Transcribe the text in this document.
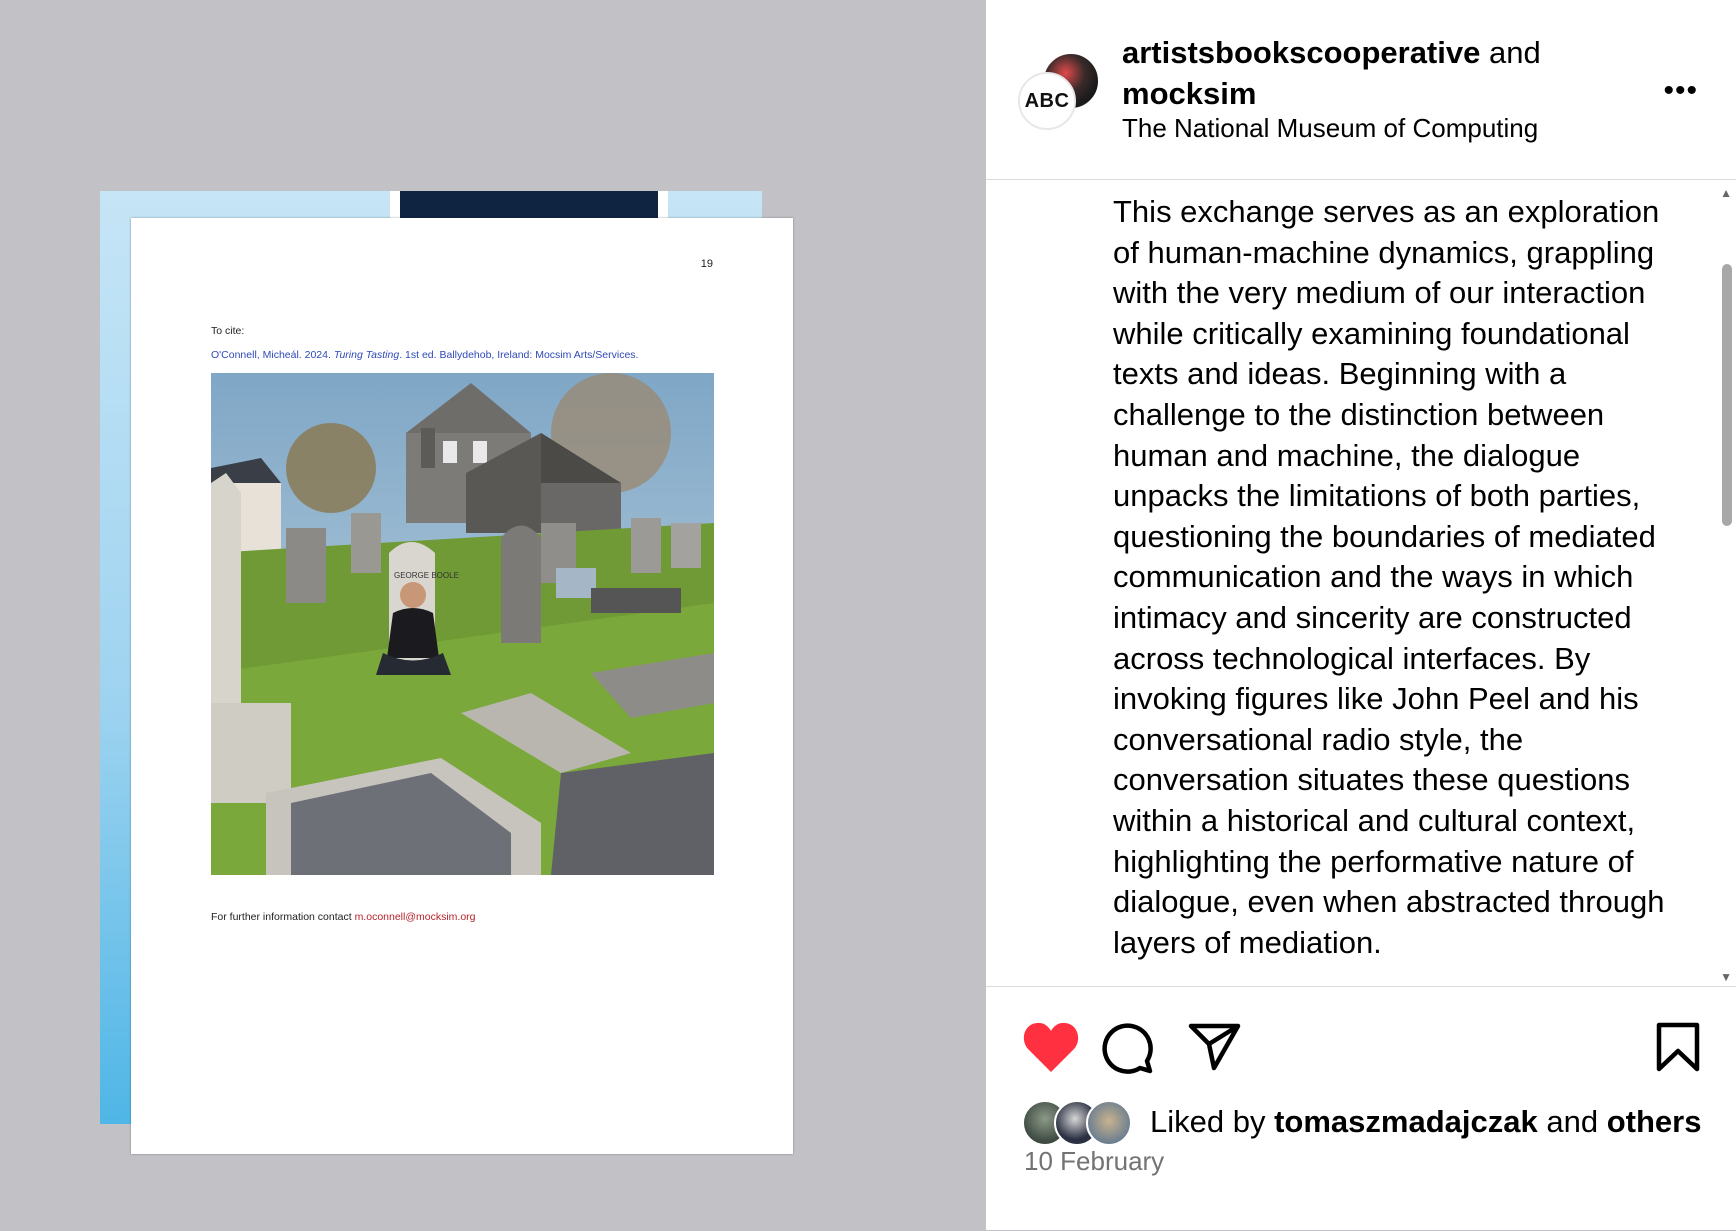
19
To cite:
O'Connell, Micheál. 2024. Turing Tasting. 1st ed. Ballydehob, Ireland: Mocsim Arts/Services.
GEORGE BOOLE
For further information contact m.oconnell@mocksim.org
ABC
artistsbookscooperative and
mocksim
The National Museum of Computing
•••
This exchange serves as an exploration of human-machine dynamics, grappling with the very medium of our interaction while critically examining foundational texts and ideas. Beginning with a challenge to the distinction between human and machine, the dialogue unpacks the limitations of both parties, questioning the boundaries of mediated communication and the ways in which intimacy and sincerity are constructed across technological interfaces. By invoking figures like John Peel and his conversational radio style, the conversation situates these questions within a historical and cultural context, highlighting the performative nature of dialogue, even when abstracted through layers of mediation.
▲
▼
Liked by
tomaszmadajczak
and
others
10 February
